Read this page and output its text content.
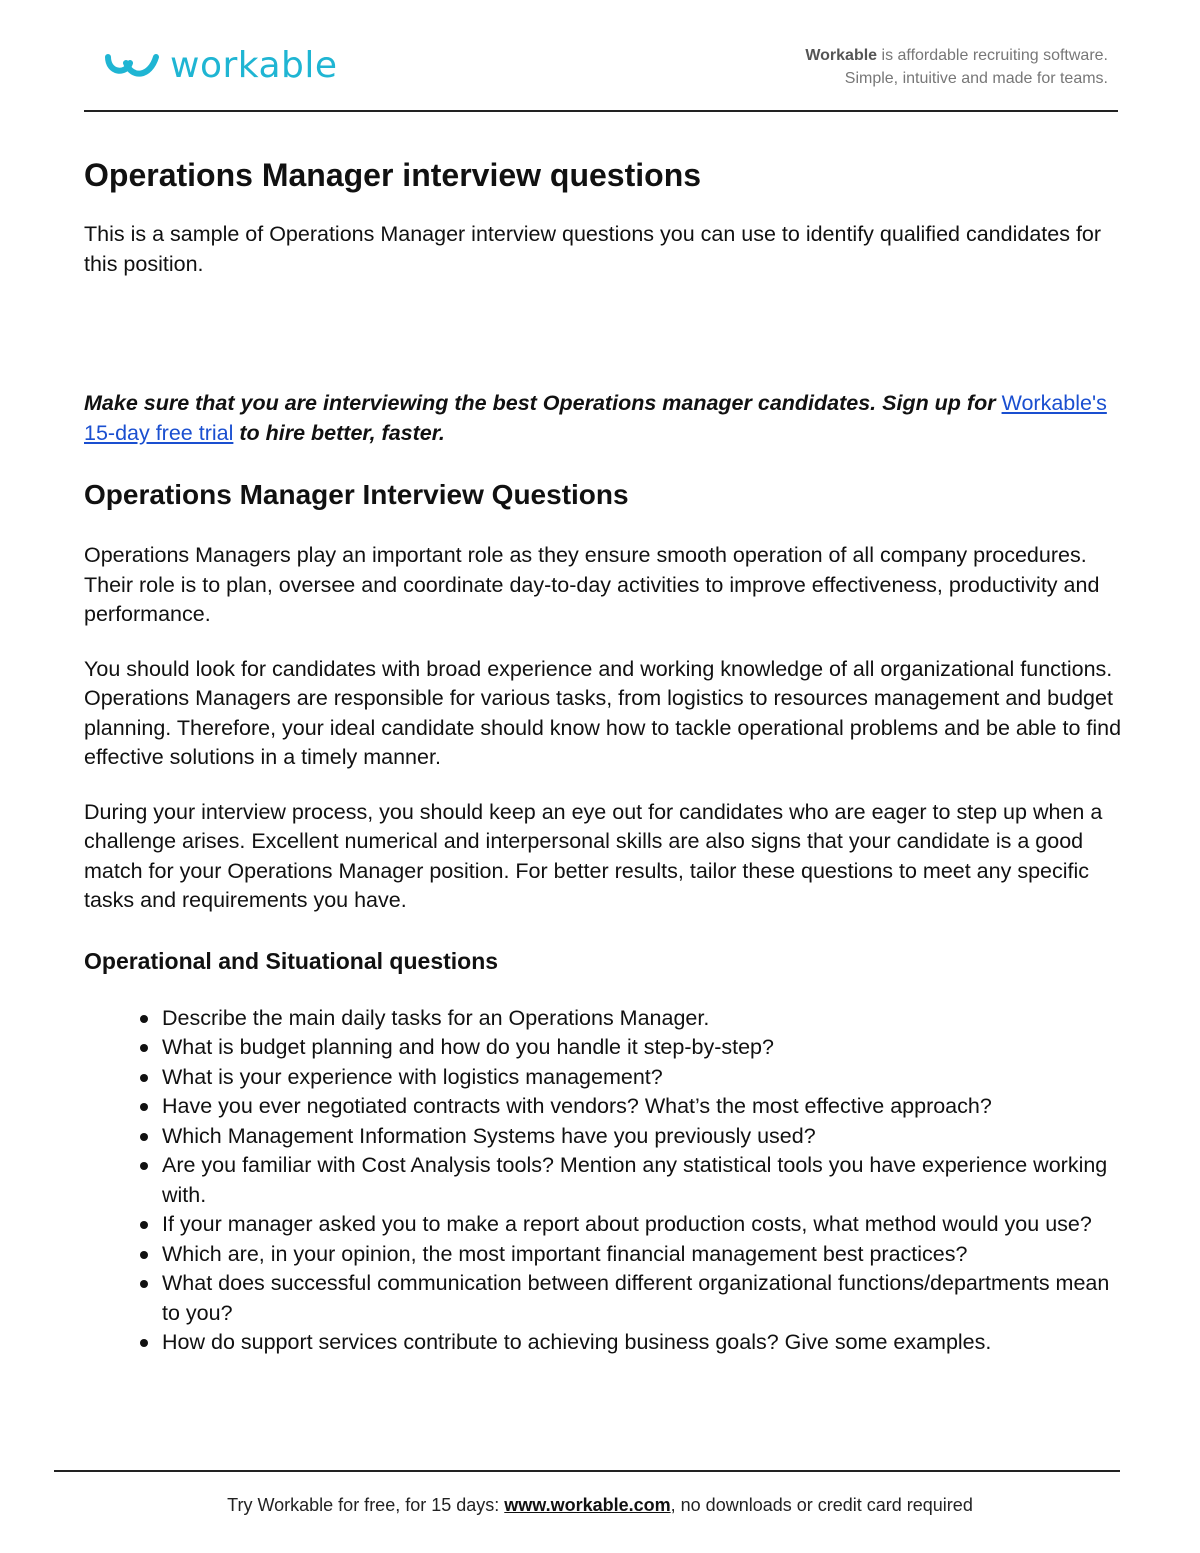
workable	Workable is affordable recruiting software.
Simple, intuitive and made for teams.
Operations Manager interview questions

This is a sample of Operations Manager interview questions you can use to identify qualified candidates for this position.

Make sure that you are interviewing the best Operations manager candidates. Sign up for Workable's 15-day free trial to hire better, faster.

Operations Manager Interview Questions

Operations Managers play an important role as they ensure smooth operation of all company procedures. Their role is to plan, oversee and coordinate day-to-day activities to improve effectiveness, productivity and performance.

You should look for candidates with broad experience and working knowledge of all organizational functions. Operations Managers are responsible for various tasks, from logistics to resources management and budget planning. Therefore, your ideal candidate should know how to tackle operational problems and be able to find effective solutions in a timely manner.

During your interview process, you should keep an eye out for candidates who are eager to step up when a challenge arises. Excellent numerical and interpersonal skills are also signs that your candidate is a good match for your Operations Manager position. For better results, tailor these questions to meet any specific tasks and requirements you have.

Operational and Situational questions
Describe the main daily tasks for an Operations Manager.
What is budget planning and how do you handle it step-by-step?
What is your experience with logistics management?
Have you ever negotiated contracts with vendors? What’s the most effective approach?
Which Management Information Systems have you previously used?
Are you familiar with Cost Analysis tools? Mention any statistical tools you have experience working with.
If your manager asked you to make a report about production costs, what method would you use?
Which are, in your opinion, the most important financial management best practices?
What does successful communication between different organizational functions/departments mean to you?
How do support services contribute to achieving business goals? Give some examples.
Try Workable for free, for 15 days: www.workable.com, no downloads or credit card required
